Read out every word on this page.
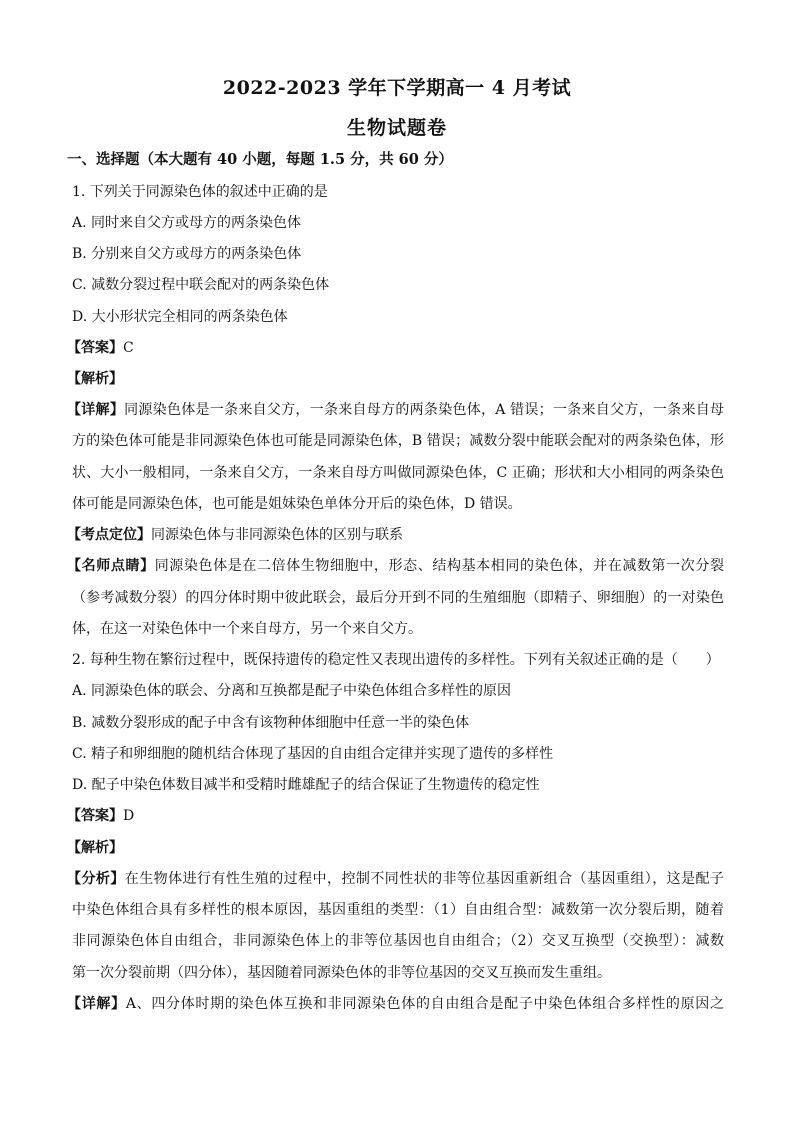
2022-2023 学年下学期高一 4 月考试
生物试题卷
一、选择题（本大题有 40 小题，每题 1.5 分，共 60 分）
1. 下列关于同源染色体的叙述中正确的是
A. 同时来自父方或母方的两条染色体
B. 分别来自父方或母方的两条染色体
C. 减数分裂过程中联会配对的两条染色体
D. 大小形状完全相同的两条染色体
【答案】C
【解析】
【详解】同源染色体是一条来自父方，一条来自母方的两条染色体，A 错误；一条来自父方，一条来自母
方的染色体可能是非同源染色体也可能是同源染色体，B 错误；减数分裂中能联会配对的两条染色体，形
状、大小一般相同，一条来自父方，一条来自母方叫做同源染色体，C 正确；形状和大小相同的两条染色
体可能是同源染色体，也可能是姐妹染色单体分开后的染色体，D 错误。
【考点定位】同源染色体与非同源染色体的区别与联系
【名师点睛】同源染色体是在二倍体生物细胞中，形态、结构基本相同的染色体，并在减数第一次分裂
（参考减数分裂）的四分体时期中彼此联会，最后分开到不同的生殖细胞（即精子、卵细胞）的一对染色
体，在这一对染色体中一个来自母方，另一个来自父方。
2. 每种生物在繁衍过程中，既保持遗传的稳定性又表现出遗传的多样性。下列有关叙述正确的是（　　）
A. 同源染色体的联会、分离和互换都是配子中染色体组合多样性的原因
B. 减数分裂形成的配子中含有该物种体细胞中任意一半的染色体
C. 精子和卵细胞的随机结合体现了基因的自由组合定律并实现了遗传的多样性
D. 配子中染色体数目减半和受精时雌雄配子的结合保证了生物遗传的稳定性
【答案】D
【解析】
【分析】在生物体进行有性生殖的过程中，控制不同性状的非等位基因重新组合（基因重组），这是配子
中染色体组合具有多样性的根本原因，基因重组的类型：（1）自由组合型：减数第一次分裂后期，随着
非同源染色体自由组合，非同源染色体上的非等位基因也自由组合；（2）交叉互换型（交换型）：减数
第一次分裂前期（四分体），基因随着同源染色体的非等位基因的交叉互换而发生重组。
【详解】A、四分体时期的染色体互换和非同源染色体的自由组合是配子中染色体组合多样性的原因之
